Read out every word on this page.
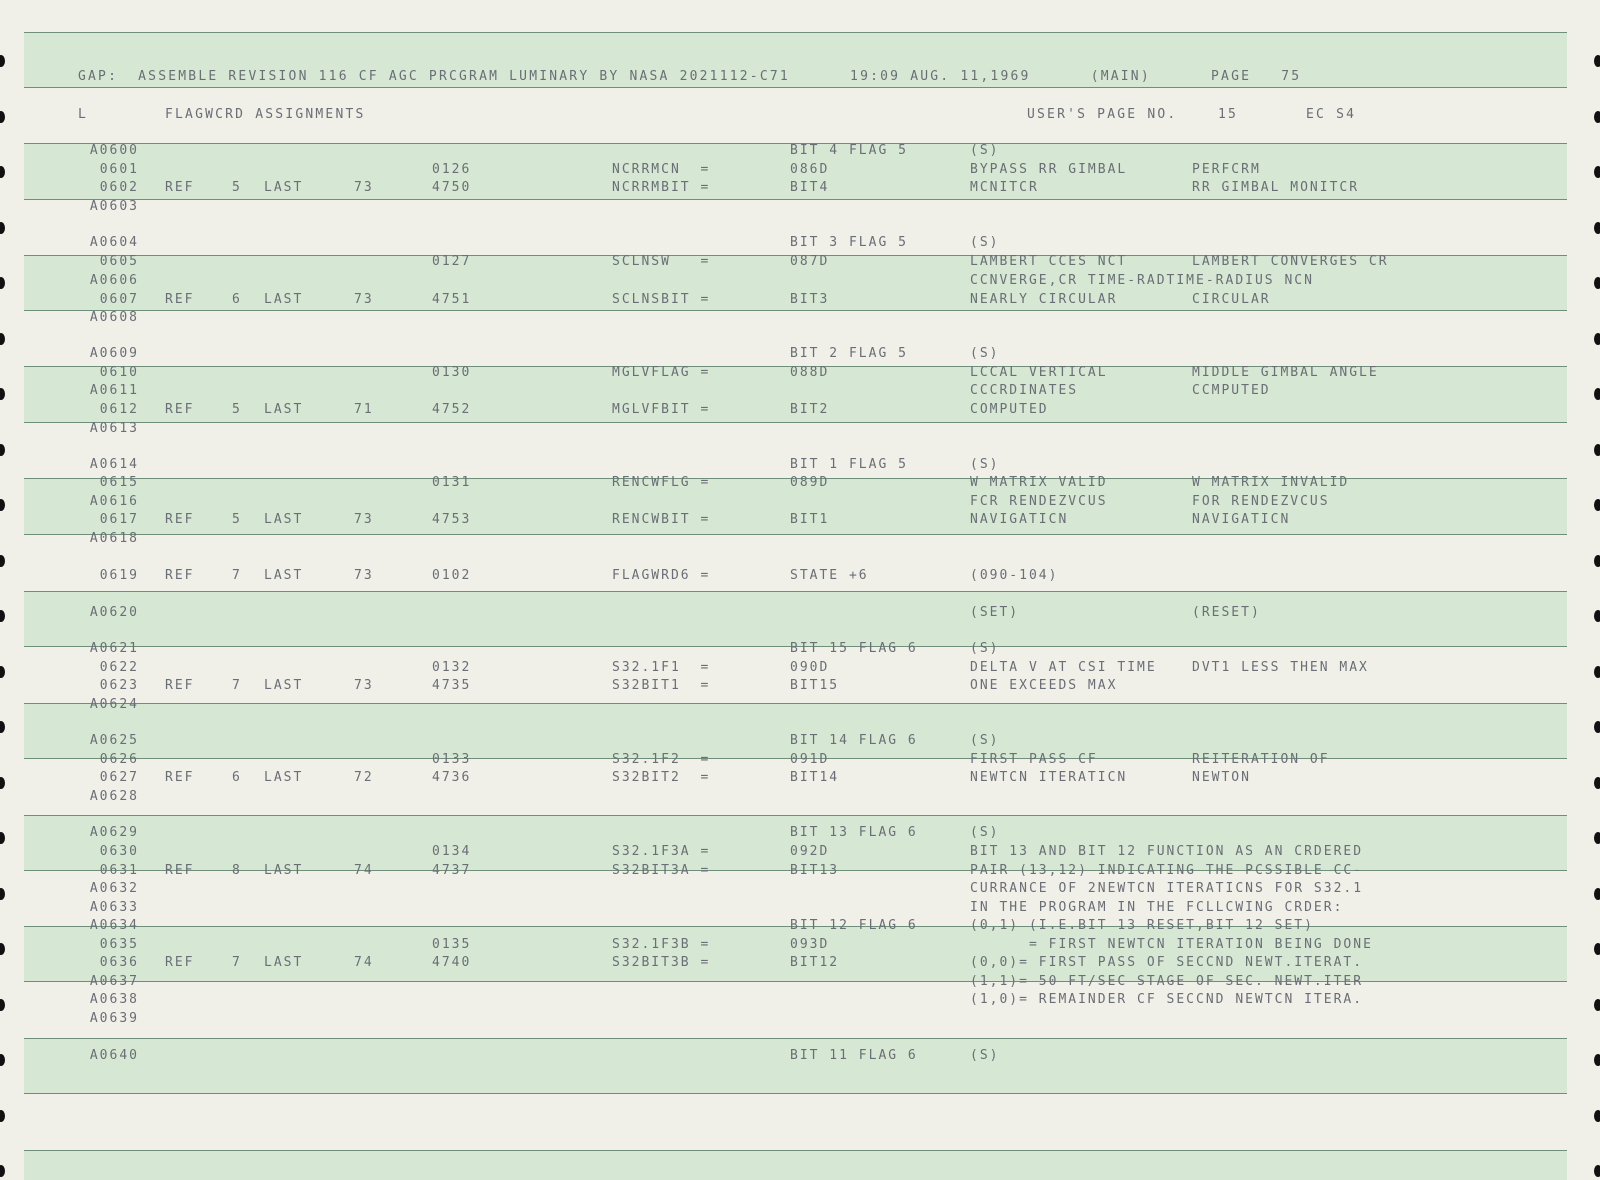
GAP:  ASSEMBLE REVISION 116 CF AGC PRCGRAM LUMINARY BY NASA 2021112-C71      19:09 AUG. 11,1969      (MAIN)      PAGE   75
L	FLAGWCRD ASSIGNMENTS	USER'S PAGE NO.	15	EC S4
A0600	BIT 4 FLAG 5	(S)
0601	0126	NCRRMCN  =	086D	BYPASS RR GIMBAL	PERFCRM
0602 REF	5 LAST	73	4750	NCRRMBIT =	BIT4	MCNITCR	RR GIMBAL MONITCR
A0603
A0604	BIT 3 FLAG 5	(S)
0605	0127	SCLNSW   =	087D	LAMBERT CCES NCT	LAMBERT CONVERGES CR
A0606	CCNVERGE,CR TIME-RADTIME-RADIUS NCN
0607 REF	6 LAST	73	4751	SCLNSBIT =	BIT3	NEARLY CIRCULAR	CIRCULAR
A0608
A0609	BIT 2 FLAG 5	(S)
0610	0130	MGLVFLAG =	088D	LCCAL VERTICAL	MIDDLE GIMBAL ANGLE
A0611	CCCRDINATES	CCMPUTED
0612 REF	5 LAST	71	4752	MGLVFBIT =	BIT2	COMPUTED
A0613
A0614	BIT 1 FLAG 5	(S)
0615	0131	RENCWFLG =	089D	W MATRIX VALID	W MATRIX INVALID
A0616	FCR RENDEZVCUS	FOR RENDEZVCUS
0617 REF	5 LAST	73	4753	RENCWBIT =	BIT1	NAVIGATICN	NAVIGATICN
A0618
0619 REF	7 LAST	73	0102	FLAGWRD6 =	STATE +6	(090-104)
A0620	(SET)	(RESET)
A0621	BIT 15 FLAG 6	(S)
0622	0132	S32.1F1  =	090D	DELTA V AT CSI TIME	DVT1 LESS THEN MAX
0623 REF	7 LAST	73	4735	S32BIT1  =	BIT15	ONE EXCEEDS MAX
A0624
A0625	BIT 14 FLAG 6	(S)
0626	0133	S32.1F2  =	091D	FIRST PASS CF	REITERATION OF
0627 REF	6 LAST	72	4736	S32BIT2  =	BIT14	NEWTCN ITERATICN	NEWTON
A0628
A0629	BIT 13 FLAG 6	(S)
0630	0134	S32.1F3A =	092D	BIT 13 AND BIT 12 FUNCTION AS AN CRDERED
0631 REF	8 LAST	74	4737	S32BIT3A =	BIT13	PAIR (13,12) INDICATING THE PCSSIBLE CC-
A0632	CURRANCE OF 2NEWTCN ITERATICNS FOR S32.1
A0633	IN THE PROGRAM IN THE FCLLCWING CRDER:
A0634	BIT 12 FLAG 6	(0,1) (I.E.BIT 13 RESET,BIT 12 SET)
0635	0135	S32.1F3B =	093D	= FIRST NEWTCN ITERATION BEING DONE
0636 REF	7 LAST	74	4740	S32BIT3B =	BIT12	(0,0)= FIRST PASS OF SECCND NEWT.ITERAT.
A0637	(1,1)= 50 FT/SEC STAGE OF SEC. NEWT.ITER
A0638	(1,0)= REMAINDER CF SECCND NEWTCN ITERA.
A0639
A0640	BIT 11 FLAG 6	(S)
